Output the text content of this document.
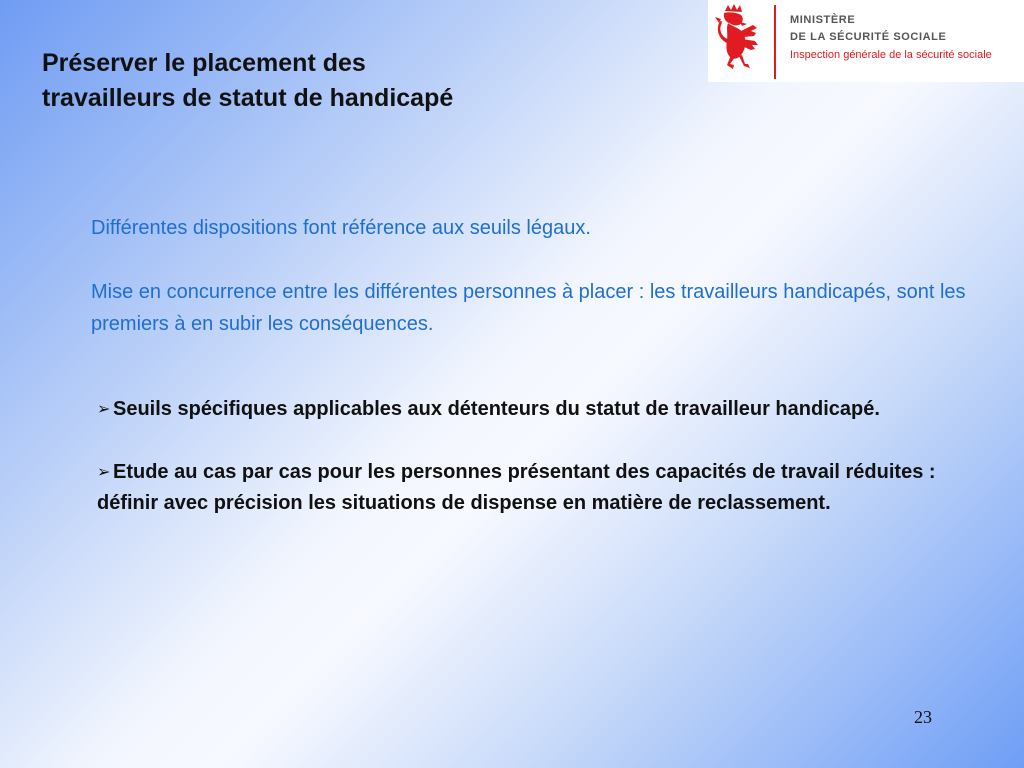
Préserver le placement des
travailleurs de statut de handicapé
MINISTÈRE
DE LA SÉCURITÉ SOCIALE
Inspection générale de la sécurité sociale

Différentes dispositions font référence aux seuils légaux.

Mise en concurrence entre les différentes personnes à placer : les travailleurs handicapés, sont les premiers à en subir les conséquences.

➢ Seuils spécifiques applicables aux détenteurs du statut de travailleur handicapé.

➢ Etude au cas par cas pour les personnes présentant des capacités de travail réduites : définir avec précision les situations de dispense en matière de reclassement.

23
